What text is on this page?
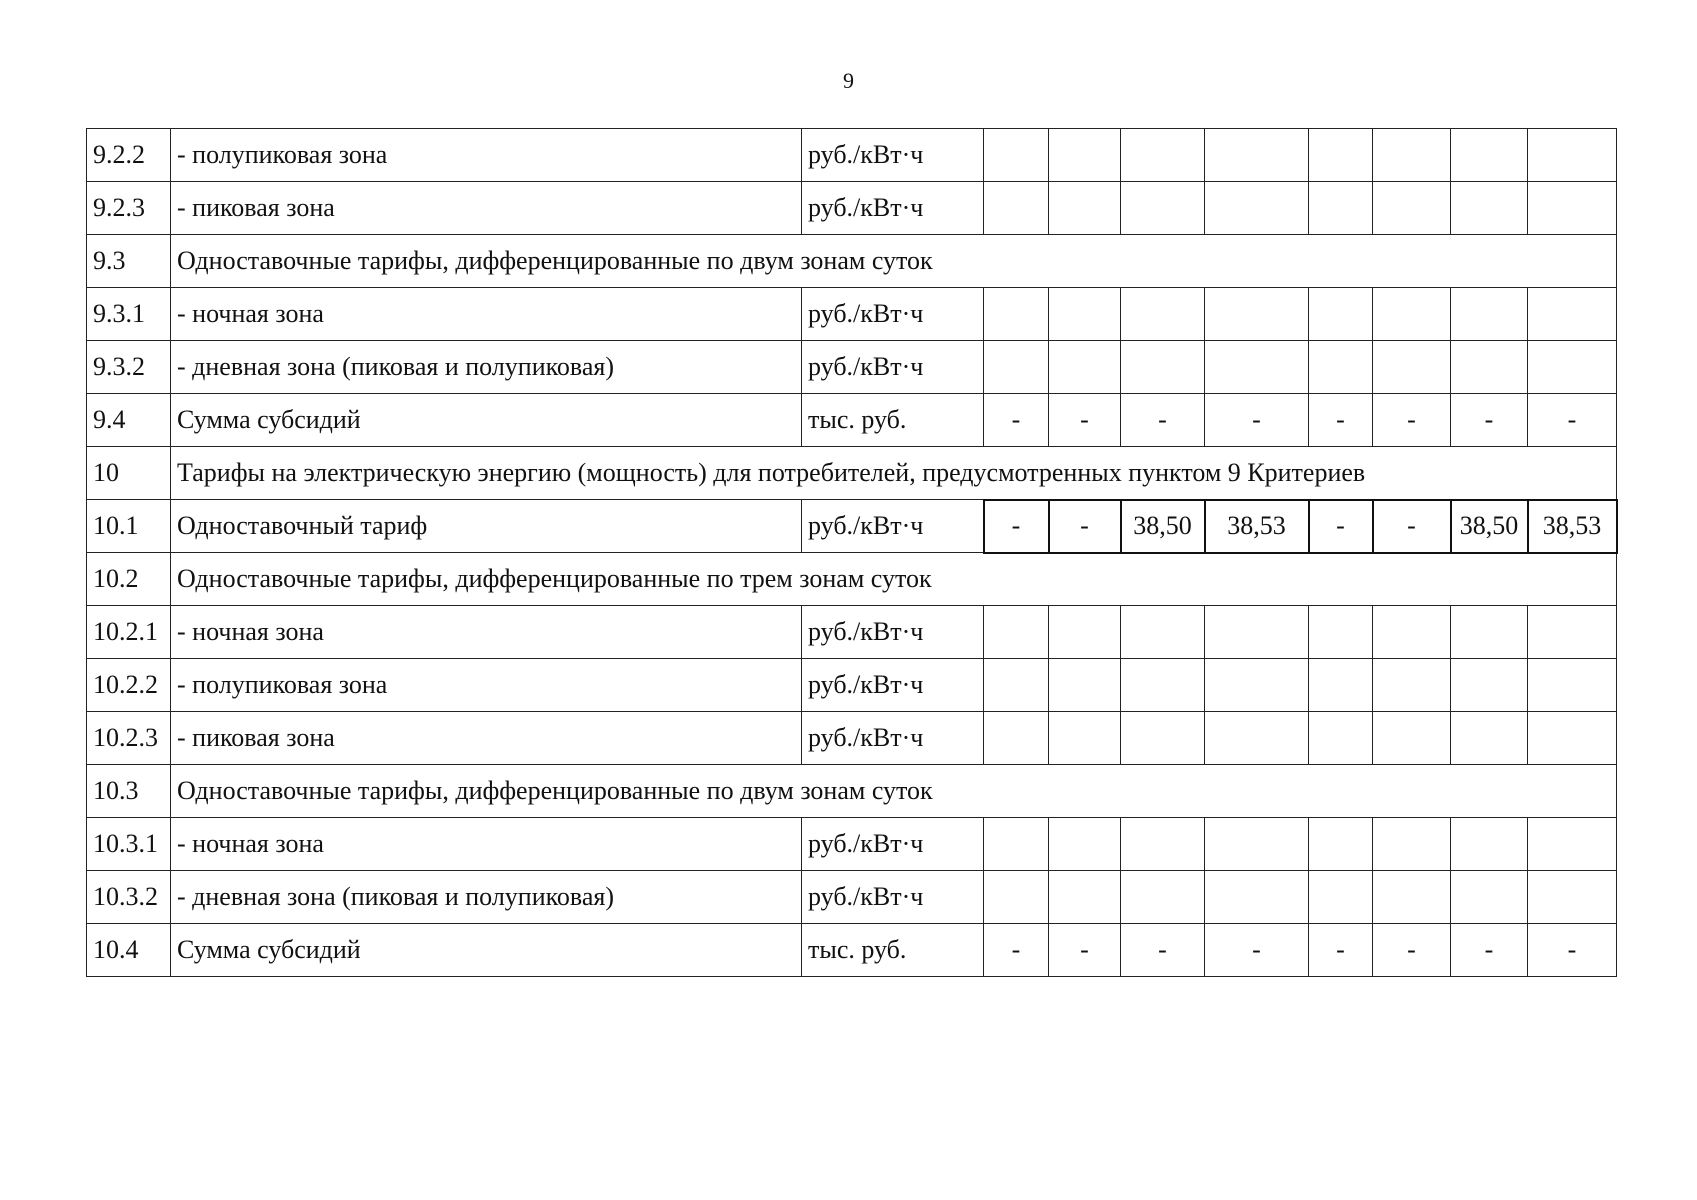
9
9.2.2	- полупиковая зона	руб./кВт·ч								
9.2.3	- пиковая зона	руб./кВт·ч								
9.3	Одноставочные тарифы, дифференцированные по двум зонам суток									
9.3.1	- ночная зона	руб./кВт·ч								
9.3.2	- дневная зона (пиковая и полупиковая)	руб./кВт·ч								
9.4	Сумма субсидий	тыс. руб.	-	-	-	-	-	-	-	-
10	Тарифы на электрическую энергию (мощность) для потребителей, предусмотренных пунктом 9 Критериев									
10.1	Одноставочный тариф	руб./кВт·ч	-	-	38,50	38,53	-	-	38,50	38,53
10.2	Одноставочные тарифы, дифференцированные по трем зонам суток									
10.2.1	- ночная зона	руб./кВт·ч								
10.2.2	- полупиковая зона	руб./кВт·ч								
10.2.3	- пиковая зона	руб./кВт·ч								
10.3	Одноставочные тарифы, дифференцированные по двум зонам суток									
10.3.1	- ночная зона	руб./кВт·ч								
10.3.2	- дневная зона (пиковая и полупиковая)	руб./кВт·ч								
10.4	Сумма субсидий	тыс. руб.	-	-	-	-	-	-	-	-
